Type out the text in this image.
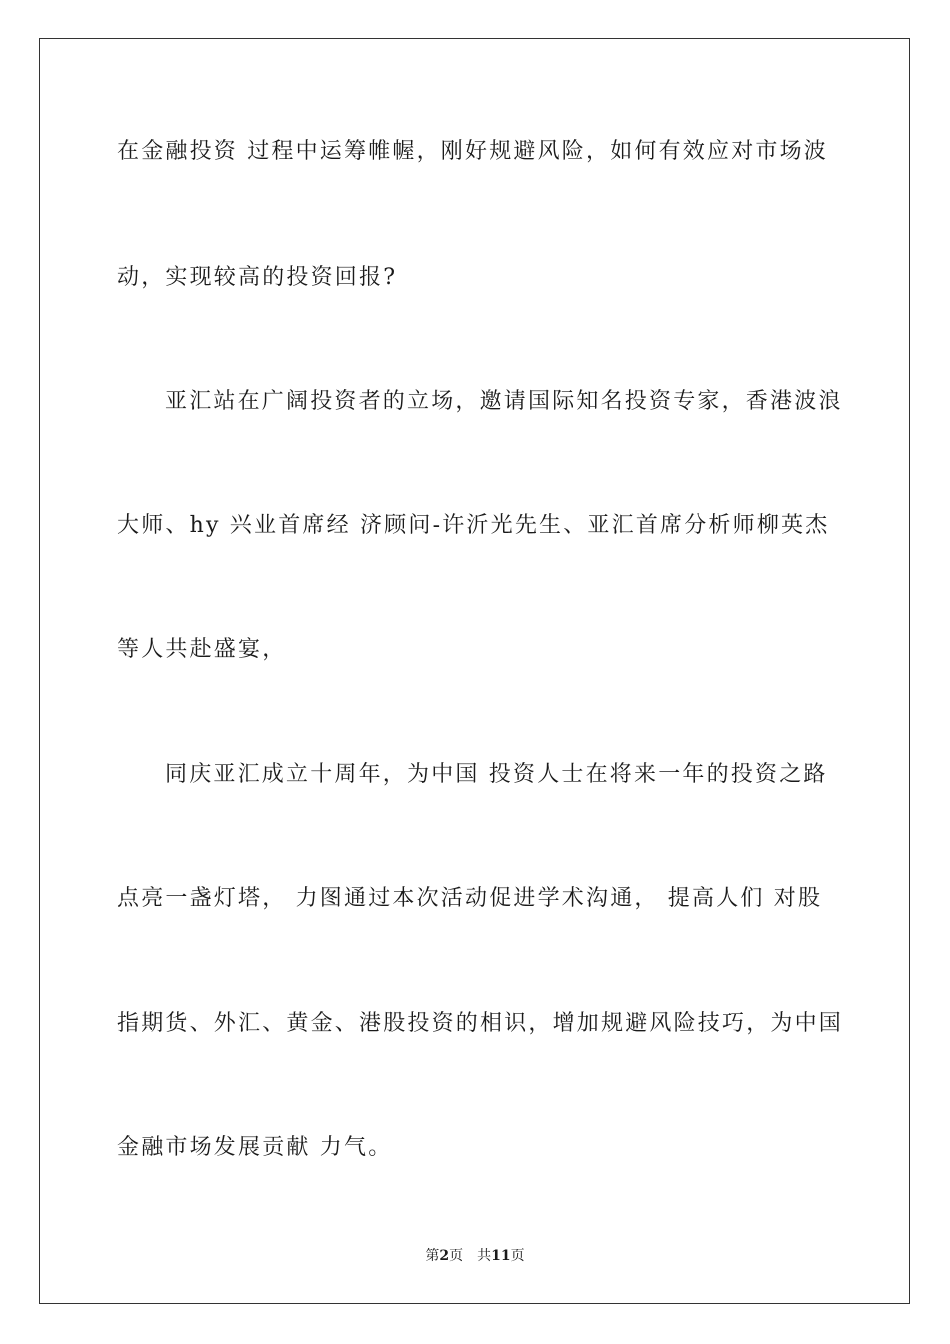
在金融投资 过程中运筹帷幄，刚好规避风险，如何有效应对市场波
动，实现较高的投资回报?
亚汇站在广阔投资者的立场，邀请国际知名投资专家，香港波浪
大师、hy 兴业首席经 济顾问-许沂光先生、亚汇首席分析师柳英杰
等人共赴盛宴，
同庆亚汇成立十周年，为中国 投资人士在将来一年的投资之路
点亮一盏灯塔， 力图通过本次活动促进学术沟通， 提高人们 对股
指期货、外汇、黄金、港股投资的相识，增加规避风险技巧，为中国
金融市场发展贡献 力气。
第2页　共11页
